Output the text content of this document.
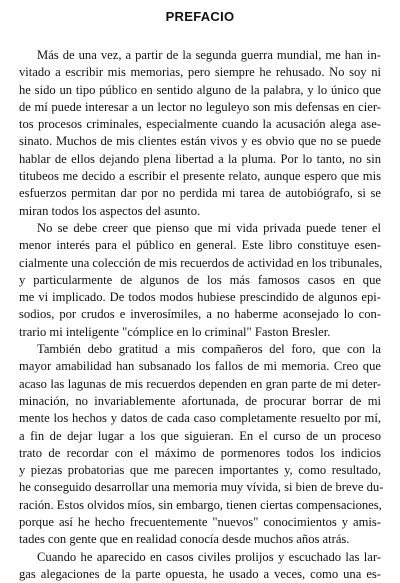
PREFACIO
Más de una vez, a partir de la segunda guerra mundial, me han in-
vitado a escribir mis memorias, pero siempre he rehusado. No soy ni
he sido un tipo público en sentido alguno de la palabra, y lo único que
de mí puede interesar a un lector no leguleyo son mis defensas en cier-
tos procesos criminales, especialmente cuando la acusación alega ase-
sinato. Muchos de mis clientes están vivos y es obvio que no se puede
hablar de ellos dejando plena libertad a la pluma. Por lo tanto, no sin
titubeos me decido a escribir el presente relato, aunque espero que mis
esfuerzos permitan dar por no perdida mi tarea de autobiógrafo, si se
miran todos los aspectos del asunto.
No se debe creer que pienso que mi vida privada puede tener el
menor interés para el público en general. Este libro constituye esen-
cialmente una colección de mis recuerdos de actividad en los tribunales,
y particularmente de algunos de los más famosos casos en que
me vi implicado. De todos modos hubiese prescindido de algunos epi-
sodios, por crudos e inverosímiles, a no haberme aconsejado lo con-
trario mi inteligente "cómplice en lo criminal" Faston Bresler.
También debo gratitud a mis compañeros del foro, que con la
mayor amabilidad han subsanado los fallos de mi memoria. Creo que
acaso las lagunas de mis recuerdos dependen en gran parte de mi deter-
minación, no invariablemente afortunada, de procurar borrar de mi
mente los hechos y datos de cada caso completamente resuelto por mí,
a fin de dejar lugar a los que siguieran. En el curso de un proceso
trato de recordar con el máximo de pormenores todos los indicios
y piezas probatorias que me parecen importantes y, como resultado,
he conseguido desarrollar una memoria muy vívida, si bien de breve du-
ración. Estos olvidos míos, sin embargo, tienen ciertas compensaciones,
porque así he hecho frecuentemente "nuevos" conocimientos y amis-
tades con gente que en realidad conocía desde muchos años atrás.
Cuando he aparecido en casos civiles prolijos y escuchado las lar-
gas alegaciones de la parte opuesta, he usado a veces, como una es-
